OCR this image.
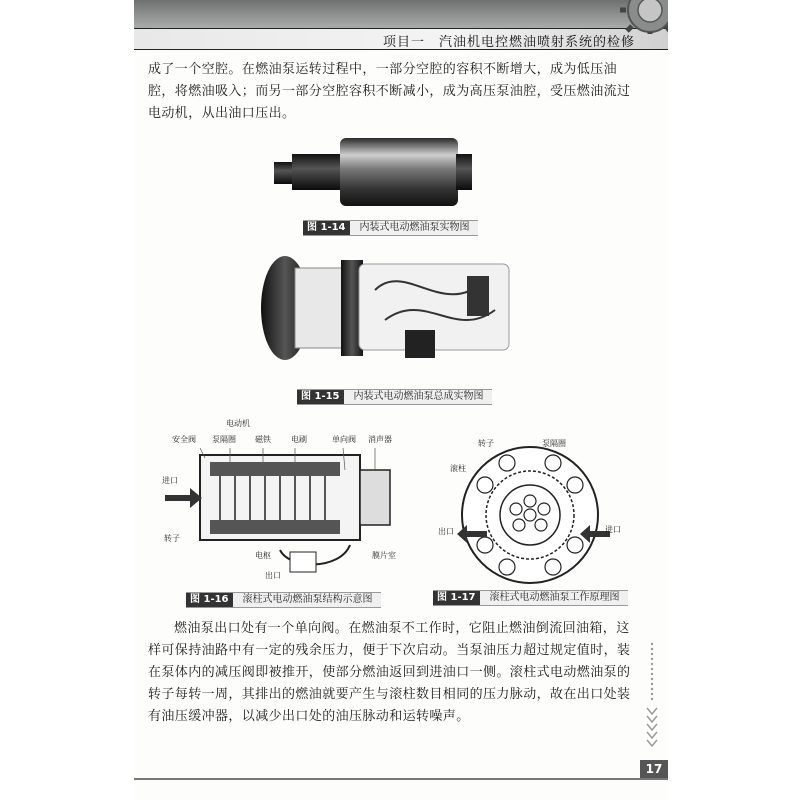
项目一　汽油机电控燃油喷射系统的检修
成了一个空腔。在燃油泵运转过程中，一部分空腔的容积不断增大，成为低压油腔，将燃油吸入；而另一部分空腔容积不断减小，成为高压泵油腔，受压燃油流过电动机，从出油口压出。
图 1-14 内装式电动燃油泵实物图
图 1-15 内装式电动燃油泵总成实物图
电动机
安全阀 泵隔圈 磁铁	电刷	单向阀 消声器
进口
转子
电枢
出口
膜片室
图 1-16 滚柱式电动燃油泵结构示意图
转子	泵隔圈
滚柱
出口	进口
图 1-17 滚柱式电动燃油泵工作原理图
燃油泵出口处有一个单向阀。在燃油泵不工作时，它阻止燃油倒流回油箱，这样可保持油路中有一定的残余压力，便于下次启动。当泵油压力超过规定值时，装在泵体内的减压阀即被推开，使部分燃油返回到进油口一侧。滚柱式电动燃油泵的转子每转一周，其排出的燃油就要产生与滚柱数目相同的压力脉动，故在出口处装有油压缓冲器，以减少出口处的油压脉动和运转噪声。
17
